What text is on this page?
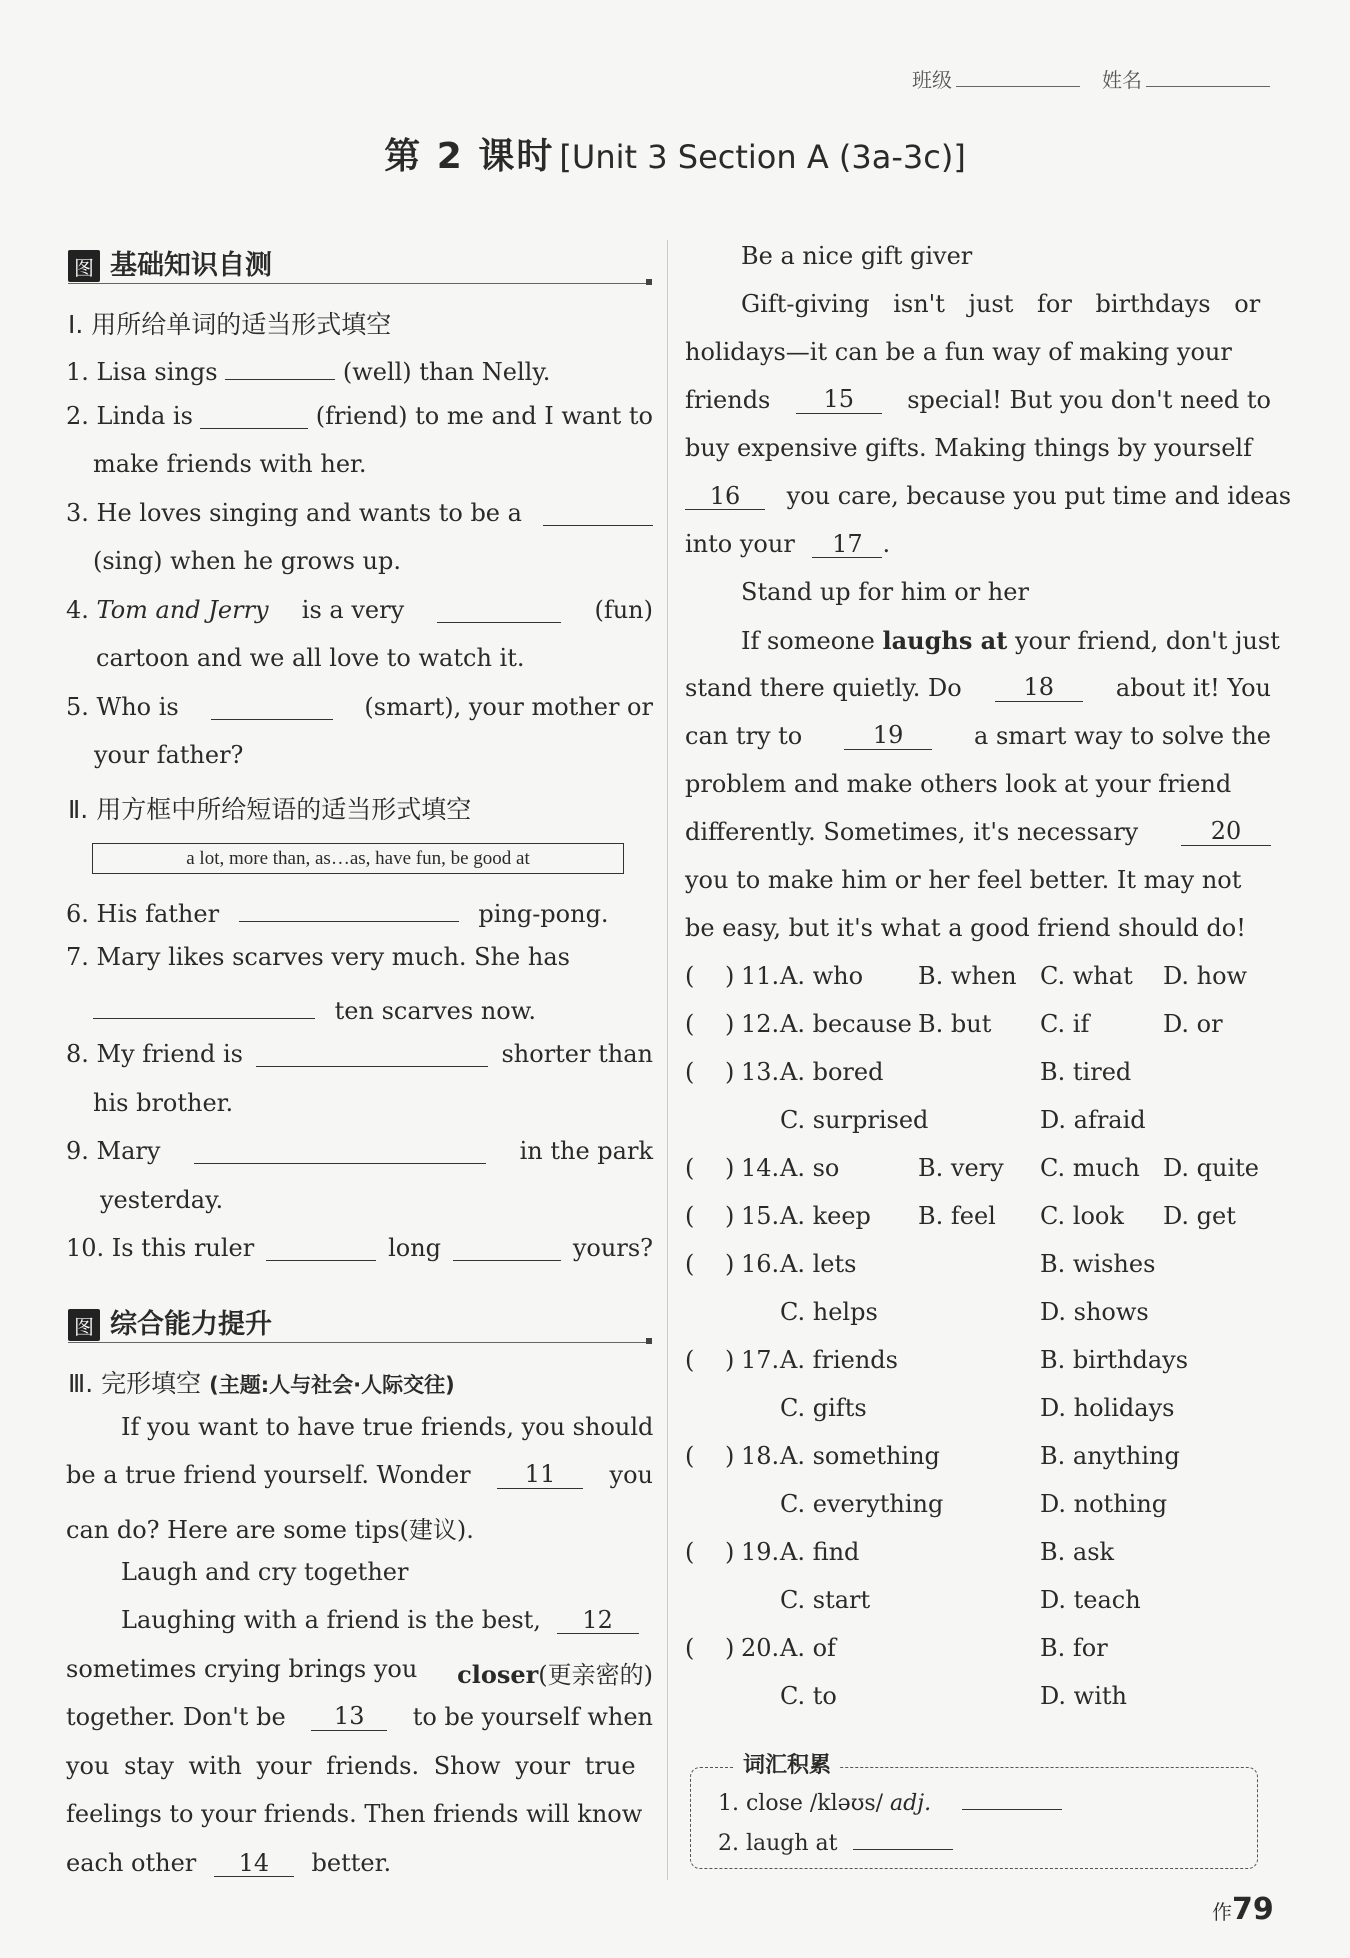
班级	姓名
第 2 课时 [Unit 3 Section A (3a-3c)]
图 基础知识自测
Ⅰ. 用所给单词的适当形式填空
1. Lisa sings	(well) than Nelly.
2. Linda is	(friend) to me and I want to
make friends with her.
3. He loves singing and wants to be a
(sing) when he grows up.
4. Tom and Jerry is a very	(fun)
cartoon and we all love to watch it.
5. Who is	(smart), your mother or
your father?
Ⅱ. 用方框中所给短语的适当形式填空
a lot, more than, as…as, have fun, be good at
6. His father	ping-pong.
7. Mary likes scarves very much. She has
ten scarves now.
8. My friend is	shorter than
his brother.
9. Mary	in the park
yesterday.
10. Is this ruler	long	yours?
图 综合能力提升
Ⅲ. 完形填空 (主题:人与社会·人际交往)
If you want to have true friends, you should
be a true friend yourself. Wonder	11	you
can do? Here are some tips(建议).
Laugh and cry together
Laughing with a friend is the best, 12
sometimes crying brings you closer(更亲密的)
together. Don't be	13	to be yourself when
you stay with your friends. Show your true
feelings to your friends. Then friends will know
each other 14 better.
Be a nice gift giver
Gift-giving isn't just for birthdays or
holidays—it can be a fun way of making your
friends	15	special! But you don't need to
buy expensive gifts. Making things by yourself
16 you care, because you put time and ideas
into your 17 .
Stand up for him or her
If someone laughs at your friend, don't just
stand there quietly. Do	18	about it! You
can try to	19	a smart way to solve the
problem and make others look at your friend
differently. Sometimes, it's necessary	20
you to make him or her feel better. It may not
be easy, but it's what a good friend should do!
( ) 11. A. who B. when C. what D. how
( ) 12. A. because B. but C. if	D. or
( ) 13. A. bored	B. tired
C. surprised	D. afraid
( ) 14. A. so	B. very C. much D. quite
( ) 15. A. keep B. feel C. look D. get
( ) 16. A. lets	B. wishes
C. helps	D. shows
( ) 17. A. friends	B. birthdays
C. gifts	D. holidays
( ) 18. A. something	B. anything
C. everything	D. nothing
( ) 19. A. find	B. ask
C. start	D. teach
( ) 20. A. of	B. for
C. to	D. with
词汇积累
1. close /kləʊs/ adj.
2. laugh at
作79
